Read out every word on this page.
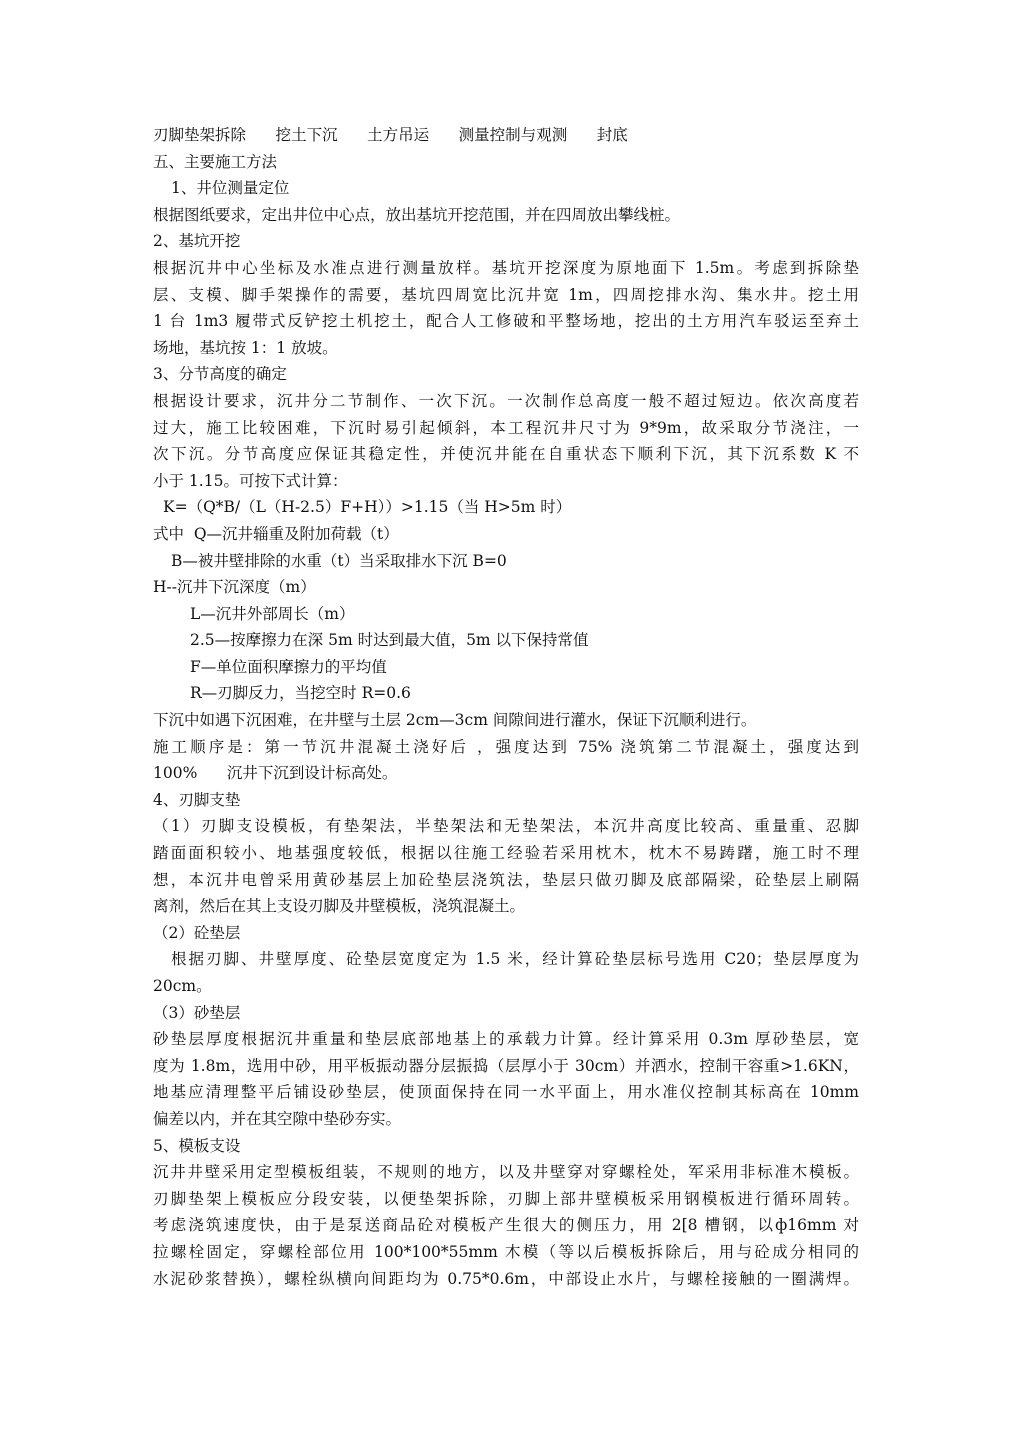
刃脚垫架拆除      挖土下沉      土方吊运      测量控制与观测      封底
五、主要施工方法
1、井位测量定位
根据图纸要求，定出井位中心点，放出基坑开挖范围，并在四周放出攀线桩。
2、基坑开挖
根据沉井中心坐标及水准点进行测量放样。基坑开挖深度为原地面下 1.5m。考虑到拆除垫
层、支模、脚手架操作的需要，基坑四周宽比沉井宽 1m，四周挖排水沟、集水井。挖土用
1 台 1m3 履带式反铲挖土机挖土，配合人工修破和平整场地，挖出的土方用汽车驳运至弃土
场地，基坑按 1：1 放坡。
3、分节高度的确定
根据设计要求，沉井分二节制作、一次下沉。一次制作总高度一般不超过短边。依次高度若
过大，施工比较困难，下沉时易引起倾斜，本工程沉井尺寸为 9*9m，故采取分节浇注，一
次下沉。分节高度应保证其稳定性，并使沉井能在自重状态下顺利下沉，其下沉系数 K 不
小于 1.15。可按下式计算：
K=（Q*B/（L（H-2.5）F+H））>1.15（当 H>5m 时）
式中  Q—沉井辎重及附加荷载（t）
B—被井壁排除的水重（t）当采取排水下沉 B=0
H--沉井下沉深度（m）
L—沉井外部周长（m）
2.5—按摩擦力在深 5m 时达到最大值，5m 以下保持常值
F—单位面积摩擦力的平均值
R—刃脚反力，当挖空时 R=0.6
下沉中如遇下沉困难，在井壁与土层 2cm—3cm 间隙间进行灌水，保证下沉顺利进行。
施工顺序是：第一节沉井混凝土浇好后 ，强度达到 75% 浇筑第二节混凝土，强度达到
100%      沉井下沉到设计标高处。
4、刃脚支垫
（1）刃脚支设模板，有垫架法，半垫架法和无垫架法，本沉井高度比较高、重量重、忍脚
踏面面积较小、地基强度较低，根据以往施工经验若采用枕木，枕木不易踌躇，施工时不理
想，本沉井电曾采用黄砂基层上加砼垫层浇筑法，垫层只做刃脚及底部隔梁，砼垫层上刷隔
离剂，然后在其上支设刃脚及井壁模板，浇筑混凝土。
（2）砼垫层
根据刃脚、井壁厚度、砼垫层宽度定为 1.5 米，经计算砼垫层标号选用 C20；垫层厚度为
20cm。
（3）砂垫层
砂垫层厚度根据沉井重量和垫层底部地基上的承载力计算。经计算采用 0.3m 厚砂垫层，宽
度为 1.8m，选用中砂，用平板振动器分层振捣（层厚小于 30cm）并洒水，控制干容重>1.6KN，
地基应清理整平后铺设砂垫层，使顶面保持在同一水平面上，用水准仪控制其标高在 10mm
偏差以内，并在其空隙中垫砂夯实。
5、模板支设
沉井井壁采用定型模板组装，不规则的地方，以及井壁穿对穿螺栓处，军采用非标准木模板。
刃脚垫架上模板应分段安装，以便垫架拆除，刃脚上部井壁模板采用钢模板进行循环周转。
考虑浇筑速度快，由于是泵送商品砼对模板产生很大的侧压力，用 2[8 槽钢，以ф16mm 对
拉螺栓固定，穿螺栓部位用 100*100*55mm 木模（等以后模板拆除后，用与砼成分相同的
水泥砂浆替换），螺栓纵横向间距均为 0.75*0.6m，中部设止水片，与螺栓接触的一圈满焊。
